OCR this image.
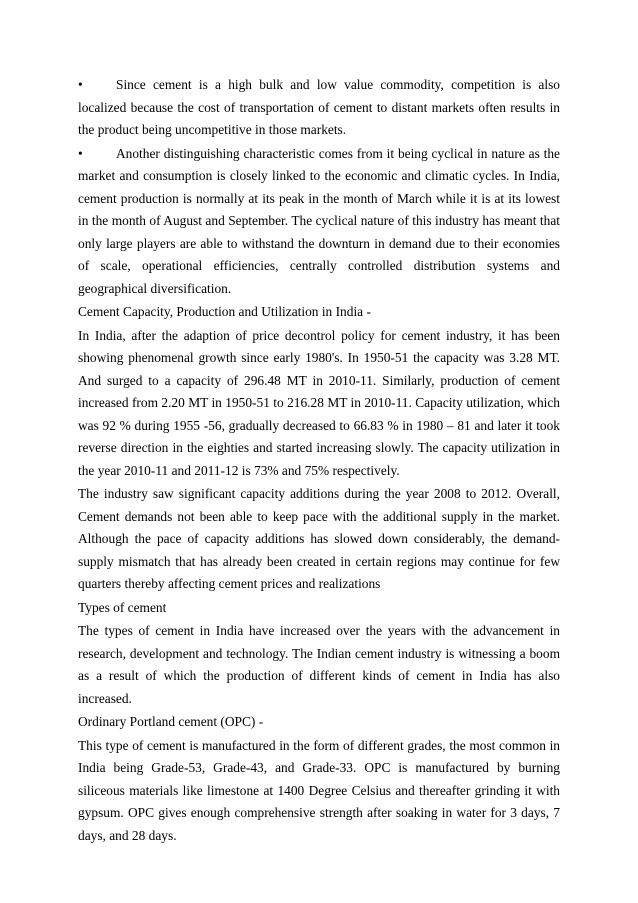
•	Since cement is a high bulk and low value commodity, competition is also localized because the cost of transportation of cement to distant markets often results in the product being uncompetitive in those markets.

•	Another distinguishing characteristic comes from it being cyclical in nature as the market and consumption is closely linked to the economic and climatic cycles. In India, cement production is normally at its peak in the month of March while it is at its lowest in the month of August and September. The cyclical nature of this industry has meant that only large players are able to withstand the downturn in demand due to their economies of scale, operational efficiencies, centrally controlled distribution systems and geographical diversification.

Cement Capacity, Production and Utilization in India -

In India, after the adaption of price decontrol policy for cement industry, it has been showing phenomenal growth since early 1980's. In 1950-51 the capacity was 3.28 MT. And surged to a capacity of 296.48 MT in 2010-11. Similarly, production of cement increased from 2.20 MT in 1950-51 to 216.28 MT in 2010-11. Capacity utilization, which was 92 % during 1955 -56, gradually decreased to 66.83 % in 1980 – 81 and later it took reverse direction in the eighties and started increasing slowly. The capacity utilization in the year 2010-11 and 2011-12 is 73% and 75% respectively.

The industry saw significant capacity additions during the year 2008 to 2012. Overall, Cement demands not been able to keep pace with the additional supply in the market. Although the pace of capacity additions has slowed down considerably, the demand-supply mismatch that has already been created in certain regions may continue for few quarters thereby affecting cement prices and realizations

Types of cement

The types of cement in India have increased over the years with the advancement in research, development and technology. The Indian cement industry is witnessing a boom as a result of which the production of different kinds of cement in India has also increased.

Ordinary Portland cement (OPC) -

This type of cement is manufactured in the form of different grades, the most common in India being Grade-53, Grade-43, and Grade-33. OPC is manufactured by burning siliceous materials like limestone at 1400 Degree Celsius and thereafter grinding it with gypsum. OPC gives enough comprehensive strength after soaking in water for 3 days, 7 days, and 28 days.
